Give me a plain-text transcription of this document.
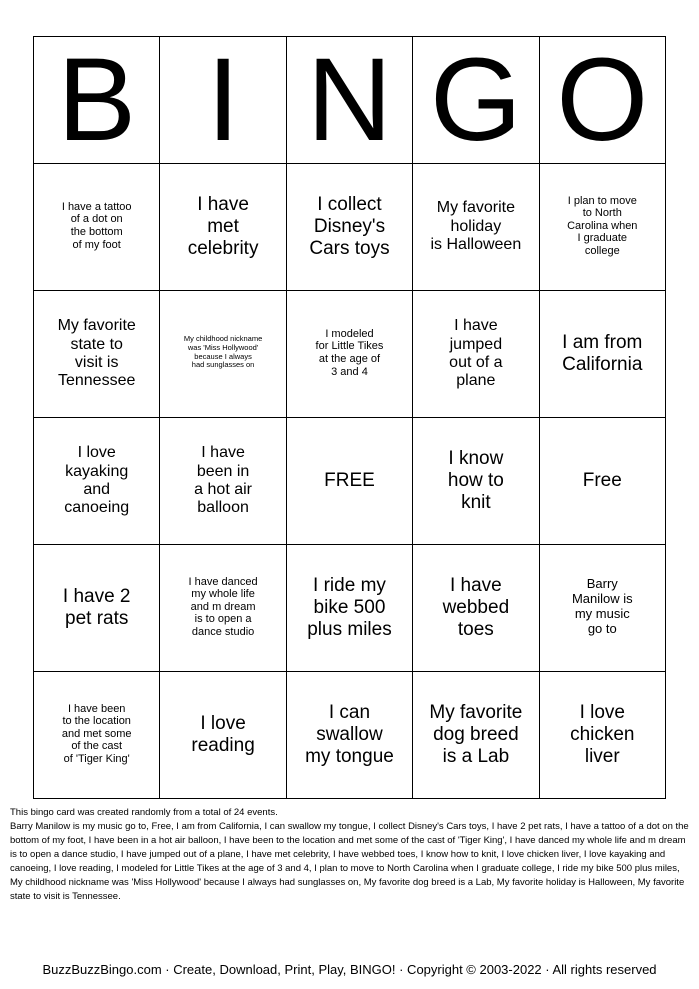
B	I	N	G	O
I have a tattoo
of a dot on
the bottom
of my foot	I have
met
celebrity	I collect
Disney's
Cars toys	My favorite
holiday
is Halloween	I plan to move
to North
Carolina when
I graduate
college
My favorite
state to
visit is
Tennessee	My childhood nickname
was 'Miss Hollywood'
because I always
had sunglasses on	I modeled
for Little Tikes
at the age of
3 and 4	I have
jumped
out of a
plane	I am from
California
I love
kayaking
and
canoeing	I have
been in
a hot air
balloon	FREE	I know
how to
knit	Free
I have 2
pet rats	I have danced
my whole life
and m dream
is to open a
dance studio	I ride my
bike 500
plus miles	I have
webbed
toes	Barry
Manilow is
my music
go to
I have been
to the location
and met some
of the cast
of 'Tiger King'	I love
reading	I can
swallow
my tongue	My favorite
dog breed
is a Lab	I love
chicken
liver
This bingo card was created randomly from a total of 24 events.
Barry Manilow is my music go to, Free, I am from California, I can swallow my tongue, I collect Disney's Cars toys, I have 2 pet rats, I have a tattoo of a dot on the bottom of my foot, I have been in a hot air balloon, I have been to the location and met some of the cast of 'Tiger King', I have danced my whole life and m dream is to open a dance studio, I have jumped out of a plane, I have met celebrity, I have webbed toes, I know how to knit, I love chicken liver, I love kayaking and canoeing, I love reading, I modeled for Little Tikes at the age of 3 and 4, I plan to move to North Carolina when I graduate college, I ride my bike 500 plus miles, My childhood nickname was 'Miss Hollywood' because I always had sunglasses on, My favorite dog breed is a Lab, My favorite holiday is Halloween, My favorite state to visit is Tennessee.
BuzzBuzzBingo.com · Create, Download, Print, Play, BINGO! · Copyright © 2003-2022 · All rights reserved
